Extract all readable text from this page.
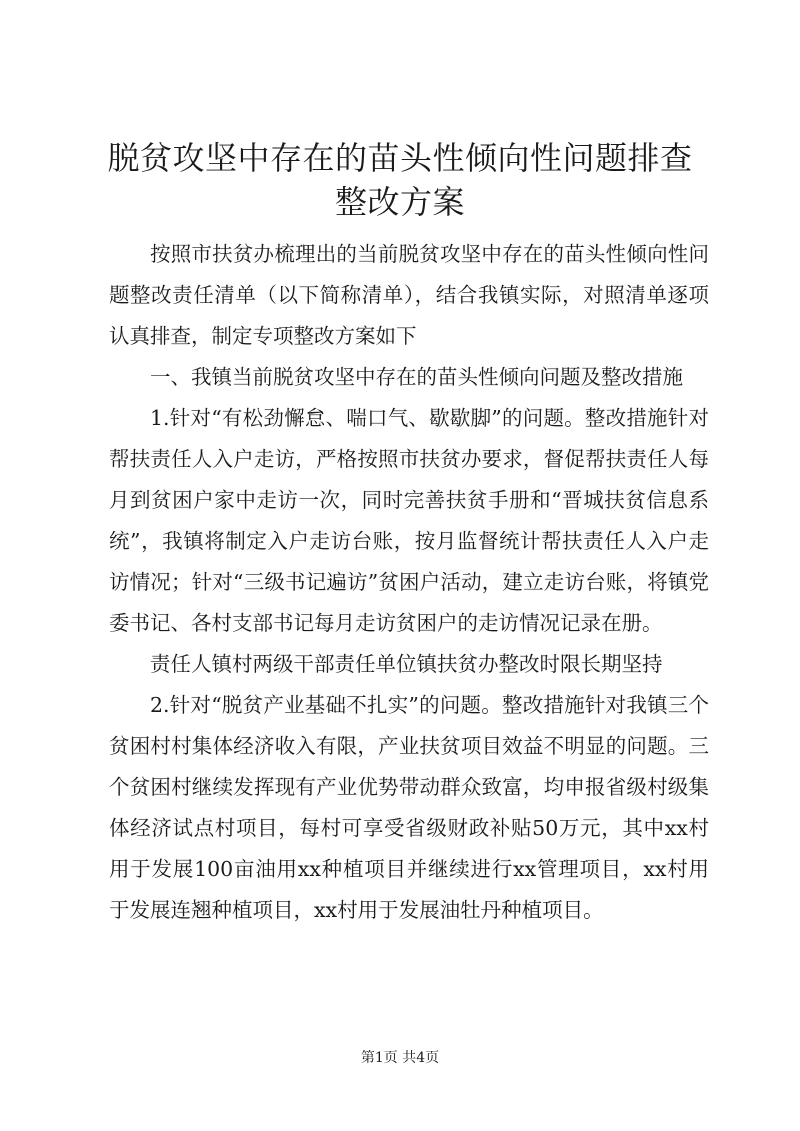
脱贫攻坚中存在的苗头性倾向性问题排查整改方案

按照市扶贫办梳理出的当前脱贫攻坚中存在的苗头性倾向性问题整改责任清单（以下简称清单），结合我镇实际，对照清单逐项认真排查，制定专项整改方案如下

一、我镇当前脱贫攻坚中存在的苗头性倾向问题及整改措施

1.针对“有松劲懈怠、喘口气、歇歇脚”的问题。整改措施针对帮扶责任人入户走访，严格按照市扶贫办要求，督促帮扶责任人每月到贫困户家中走访一次，同时完善扶贫手册和“晋城扶贫信息系统”，我镇将制定入户走访台账，按月监督统计帮扶责任人入户走访情况；针对“三级书记遍访”贫困户活动，建立走访台账，将镇党委书记、各村支部书记每月走访贫困户的走访情况记录在册。

责任人镇村两级干部责任单位镇扶贫办整改时限长期坚持

2.针对“脱贫产业基础不扎实”的问题。整改措施针对我镇三个贫困村村集体经济收入有限，产业扶贫项目效益不明显的问题。三个贫困村继续发挥现有产业优势带动群众致富，均申报省级村级集体经济试点村项目，每村可享受省级财政补贴50万元，其中xx村用于发展100亩油用xx种植项目并继续进行xx管理项目，xx村用于发展连翘种植项目，xx村用于发展油牡丹种植项目。

第1页 共4页
